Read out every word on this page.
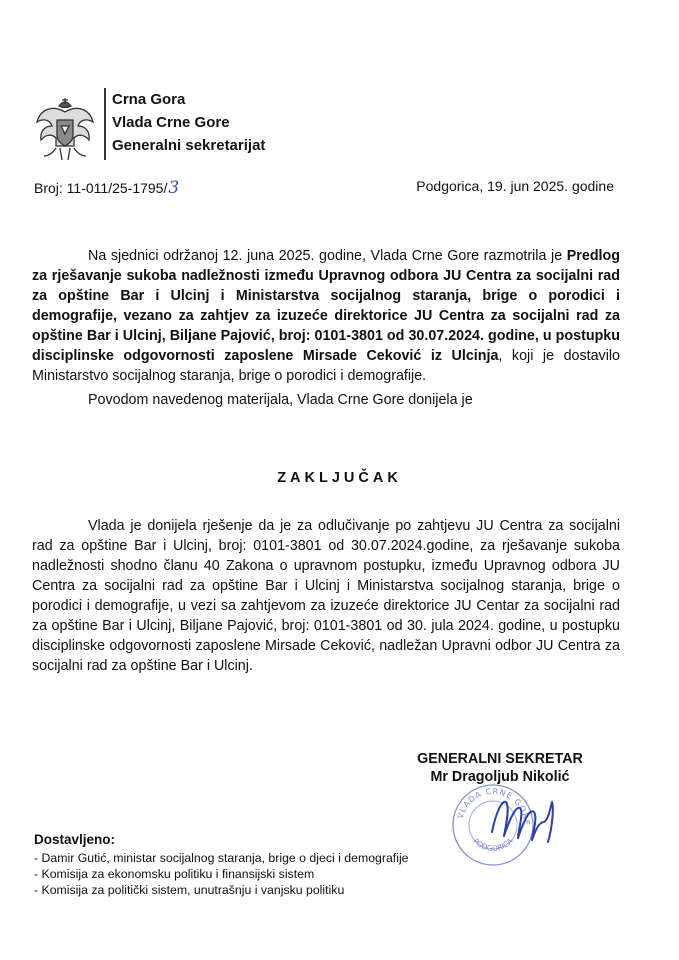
Crna Gora
Vlada Crne Gore
Generalni sekretarijat
Broj: 11-011/25-1795/3	Podgorica, 19. jun 2025. godine

Na sjednici održanoj 12. juna 2025. godine, Vlada Crne Gore razmotrila je Predlog za rješavanje sukoba nadležnosti između Upravnog odbora JU Centra za socijalni rad za opštine Bar i Ulcinj i Ministarstva socijalnog staranja, brige o porodici i demografije, vezano za zahtjev za izuzeće direktorice JU Centra za socijalni rad za opštine Bar i Ulcinj, Biljane Pajović, broj: 0101-3801 od 30.07.2024. godine, u postupku disciplinske odgovornosti zaposlene Mirsade Ceković iz Ulcinja, koji je dostavilo Ministarstvo socijalnog staranja, brige o porodici i demografije.

Povodom navedenog materijala, Vlada Crne Gore donijela je

ZAKLJUČAK

Vlada je donijela rješenje da je za odlučivanje po zahtjevu JU Centra za socijalni rad za opštine Bar i Ulcinj, broj: 0101-3801 od 30.07.2024.godine, za rješavanje sukoba nadležnosti shodno članu 40 Zakona o upravnom postupku, između Upravnog odbora JU Centra za socijalni rad za opštine Bar i Ulcinj i Ministarstva socijalnog staranja, brige o porodici i demografije, u vezi sa zahtjevom za izuzeće direktorice JU Centar za socijalni rad za opštine Bar i Ulcinj, Biljane Pajović, broj: 0101-3801 od 30. jula 2024. godine, u postupku disciplinske odgovornosti zaposlene Mirsade Ceković, nadležan Upravni odbor JU Centra za socijalni rad za opštine Bar i Ulcinj.

GENERALNI SEKRETAR
Mr Dragoljub Nikolić
VLADA CRNE GORE
PODGORICA
Dostavljeno:
- Damir Gutić, ministar socijalnog staranja, brige o djeci i demografije
- Komisija za ekonomsku politiku i finansijski sistem
- Komisija za politički sistem, unutrašnju i vanjsku politiku
